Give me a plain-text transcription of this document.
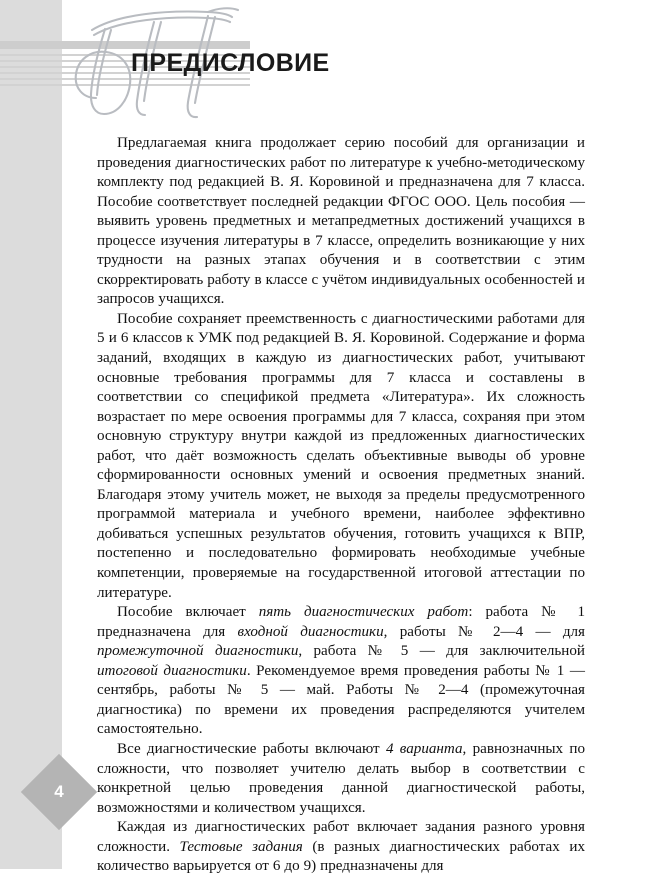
ПРЕДИСЛОВИЕ

Предлагаемая книга продолжает серию пособий для организации и проведения диагностических работ по литературе к учебно-методическому комплекту под редакцией В. Я. Коровиной и предназначена для 7 класса. Пособие соответствует последней редакции ФГОС ООО. Цель пособия — выявить уровень предметных и метапредметных достижений учащихся в процессе изучения литературы в 7 классе, определить возникающие у них трудности на разных этапах обучения и в соответствии с этим скорректировать работу в классе с учётом индивидуальных особенностей и запросов учащихся.

Пособие сохраняет преемственность с диагностическими работами для 5 и 6 классов к УМК под редакцией В. Я. Коровиной. Содержание и форма заданий, входящих в каждую из диагностических работ, учитывают основные требования программы для 7 класса и составлены в соответствии со спецификой предмета «Литература». Их сложность возрастает по мере освоения программы для 7 класса, сохраняя при этом основную структуру внутри каждой из предложенных диагностических работ, что даёт возможность сделать объективные выводы об уровне сформированности основных умений и освоения предметных знаний. Благодаря этому учитель может, не выходя за пределы предусмотренного программой материала и учебного времени, наиболее эффективно добиваться успешных результатов обучения, готовить учащихся к ВПР, постепенно и последовательно формировать необходимые учебные компетенции, проверяемые на государственной итоговой аттестации по литературе.

Пособие включает пять диагностических работ: работа № 1 предназначена для входной диагностики, работы № 2—4 — для промежуточной диагностики, работа № 5 — для заключительной итоговой диагностики. Рекомендуемое время проведения работы № 1 — сентябрь, работы № 5 — май. Работы № 2—4 (промежуточная диагностика) по времени их проведения распределяются учителем самостоятельно.

Все диагностические работы включают 4 варианта, равнозначных по сложности, что позволяет учителю делать выбор в соответствии с конкретной целью проведения данной диагностической работы, возможностями и количеством учащихся.

Каждая из диагностических работ включает задания разного уровня сложности. Тестовые задания (в разных диагностических работах их количество варьируется от 6 до 9) предназначены для

4
